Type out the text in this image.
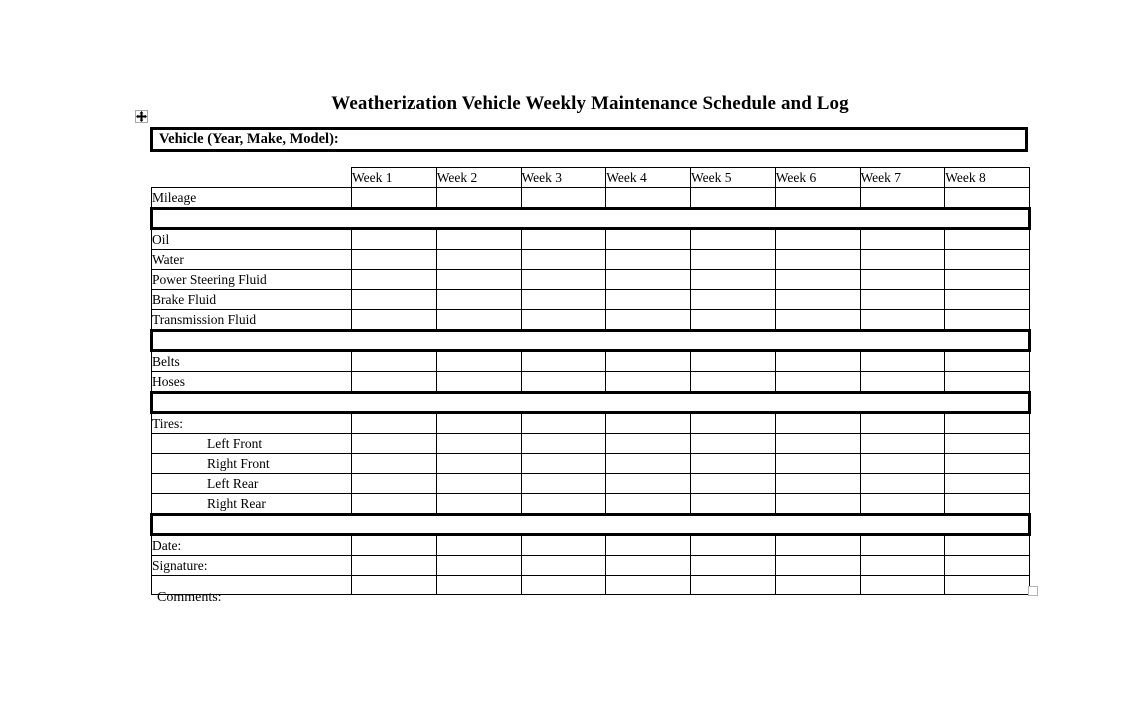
Weatherization Vehicle Weekly Maintenance Schedule and Log
Vehicle (Year, Make, Model):
	Week 1	Week 2	Week 3	Week 4	Week 5	Week 6	Week 7	Week 8
Mileage								

Oil								
Water								
Power Steering Fluid								
Brake Fluid								
Transmission Fluid								

Belts								
Hoses								

Tires:								
Left Front								
Right Front								
Left Rear								
Right Rear								

Date:								
Signature:								

Comments:
